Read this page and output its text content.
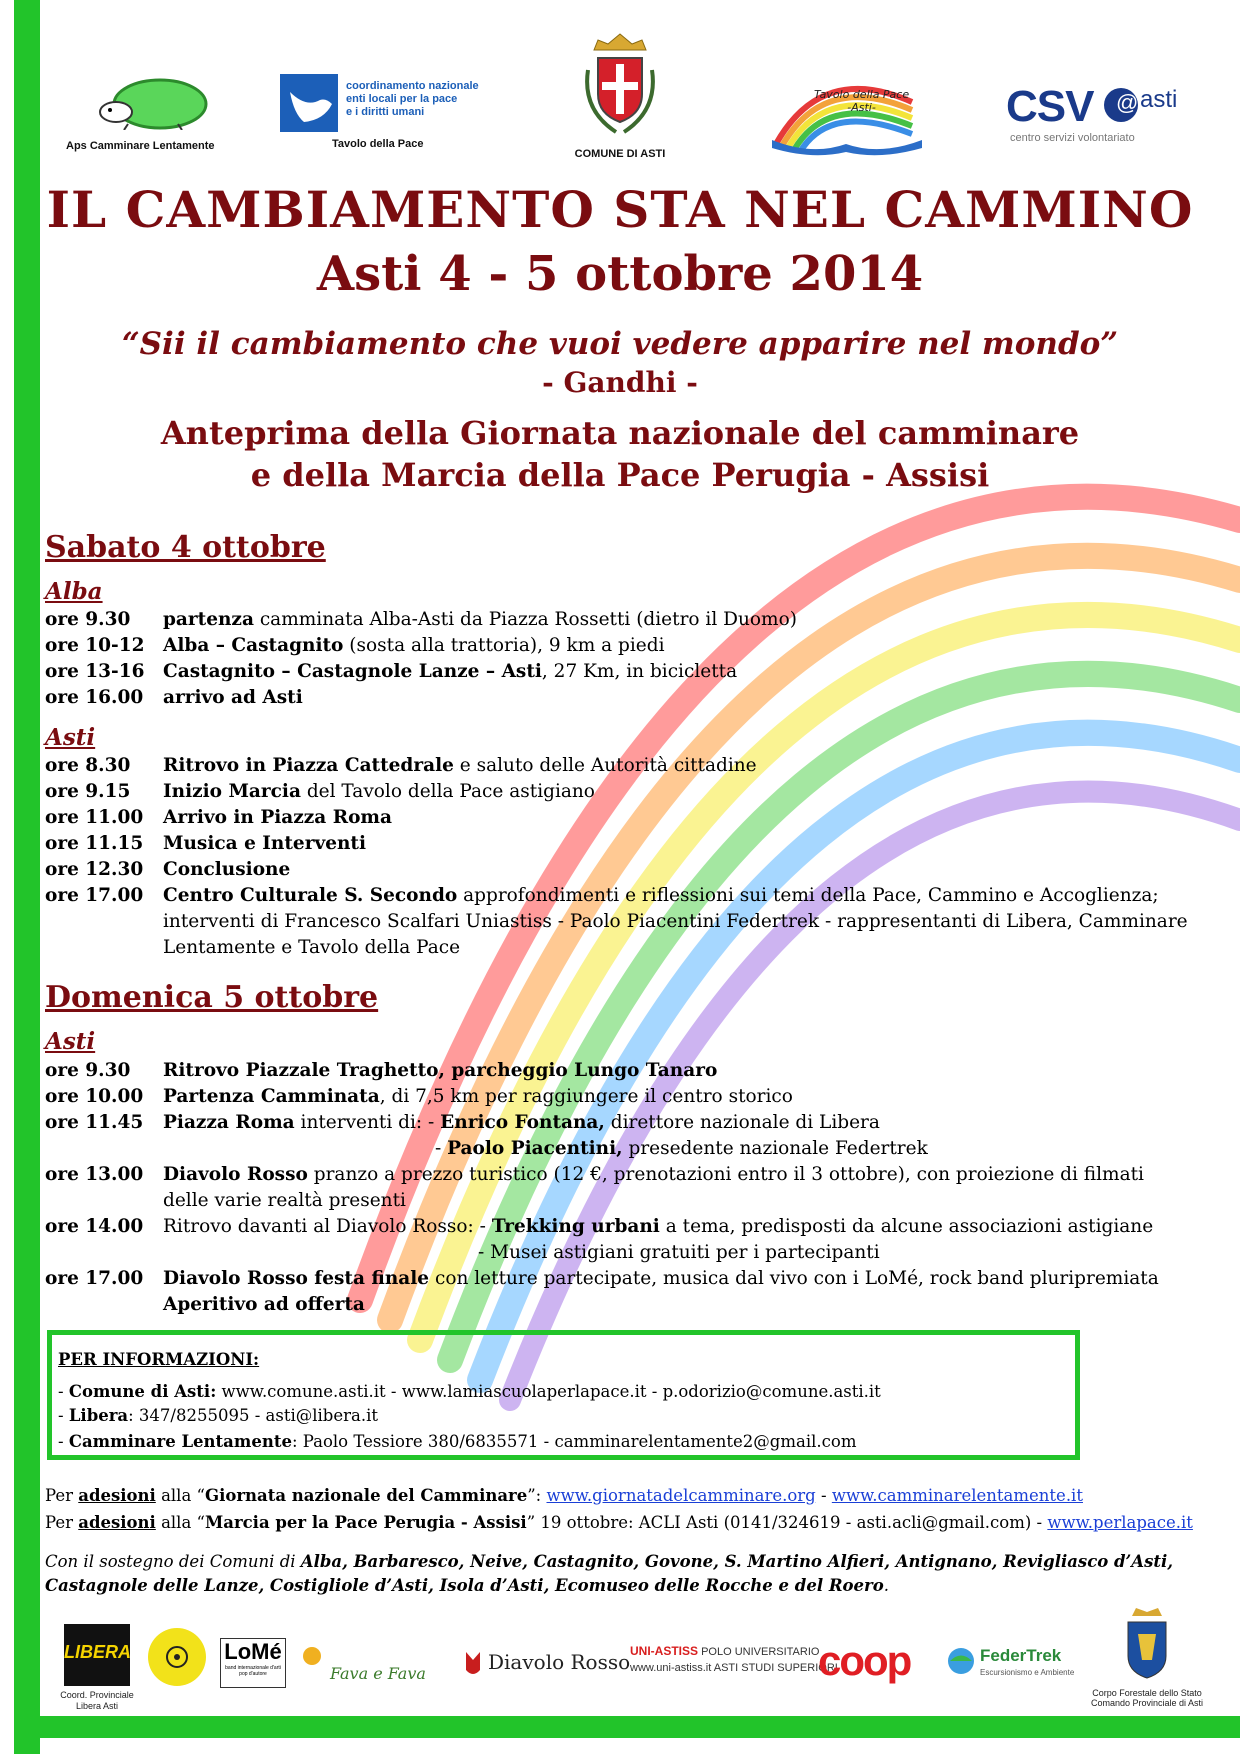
Aps Camminare Lentamente
coordinamento nazionale
enti locali per la pace
e i diritti umani
Tavolo della Pace
COMUNE DI ASTI
Tavolo della Pace
-Asti-	CSV @ asti
centro servizi volontariato
IL CAMBIAMENTO STA NEL CAMMINO
Asti 4 - 5 ottobre 2014
“Sii il cambiamento che vuoi vedere apparire nel mondo”
- Gandhi -
Anteprima della Giornata nazionale del camminare
e della Marcia della Pace Perugia - Assisi
Sabato 4 ottobre
Alba
ore 9.30 partenza camminata Alba-Asti da Piazza Rossetti (dietro il Duomo)
ore 10-12 Alba – Castagnito (sosta alla trattoria), 9 km a piedi
ore 13-16 Castagnito – Castagnole Lanze – Asti, 27 Km, in bicicletta
ore 16.00 arrivo ad Asti
Asti
ore 8.30 Ritrovo in Piazza Cattedrale e saluto delle Autorità cittadine
ore 9.15 Inizio Marcia del Tavolo della Pace astigiano
ore 11.00 Arrivo in Piazza Roma
ore 11.15 Musica e Interventi
ore 12.30 Conclusione
ore 17.00 Centro Culturale S. Secondo approfondimenti e riflessioni sui temi della Pace, Cammino e Accoglienza;
interventi di Francesco Scalfari Uniastiss - Paolo Piacentini Federtrek - rappresentanti di Libera, Camminare
Lentamente e Tavolo della Pace
Domenica 5 ottobre
Asti
ore 9.30 Ritrovo Piazzale Traghetto, parcheggio Lungo Tanaro
ore 10.00 Partenza Camminata, di 7,5 km per raggiungere il centro storico
ore 11.45 Piazza Roma interventi di: - Enrico Fontana, direttore nazionale di Libera
- Paolo Piacentini, presedente nazionale Federtrek
ore 13.00 Diavolo Rosso pranzo a prezzo turistico (12 €, prenotazioni entro il 3 ottobre), con proiezione di filmati
delle varie realtà presenti
ore 14.00 Ritrovo davanti al Diavolo Rosso: - Trekking urbani a tema, predisposti da alcune associazioni astigiane
- Musei astigiani gratuiti per i partecipanti
ore 17.00 Diavolo Rosso festa finale con letture partecipate, musica dal vivo con i LoMé, rock band pluripremiata
Aperitivo ad offerta
PER INFORMAZIONI:
- Comune di Asti: www.comune.asti.it - www.lamiascuolaperlapace.it - p.odorizio@comune.asti.it
- Libera: 347/8255095 - asti@libera.it
- Camminare Lentamente: Paolo Tessiore 380/6835571 - camminarelentamente2@gmail.com
Per adesioni alla “Giornata nazionale del Camminare”: www.giornatadelcamminare.org - www.camminarelentamente.it
Per adesioni alla “Marcia per la Pace Perugia - Assisi” 19 ottobre: ACLI Asti (0141/324619 - asti.acli@gmail.com) - www.perlapace.it
Con il sostegno dei Comuni di Alba, Barbaresco, Neive, Castagnito, Govone, S. Martino Alfieri, Antignano, Revigliasco d’Asti,
Castagnole delle Lanze, Costigliole d’Asti, Isola d’Asti, Ecomuseo delle Rocche e del Roero.
LIBERA
Coord. Provinciale
Libera Asti
LoMé
band internazionale d'arti pop d'autore	Fava e Fava	Diavolo Rosso UNI-ASTISS POLO UNIVERSITARIO
www.uni-astiss.it ASTI STUDI SUPERIORI
coop	FederTrek
Escursionismo e Ambiente
Corpo Forestale dello Stato
Comando Provinciale di Asti
